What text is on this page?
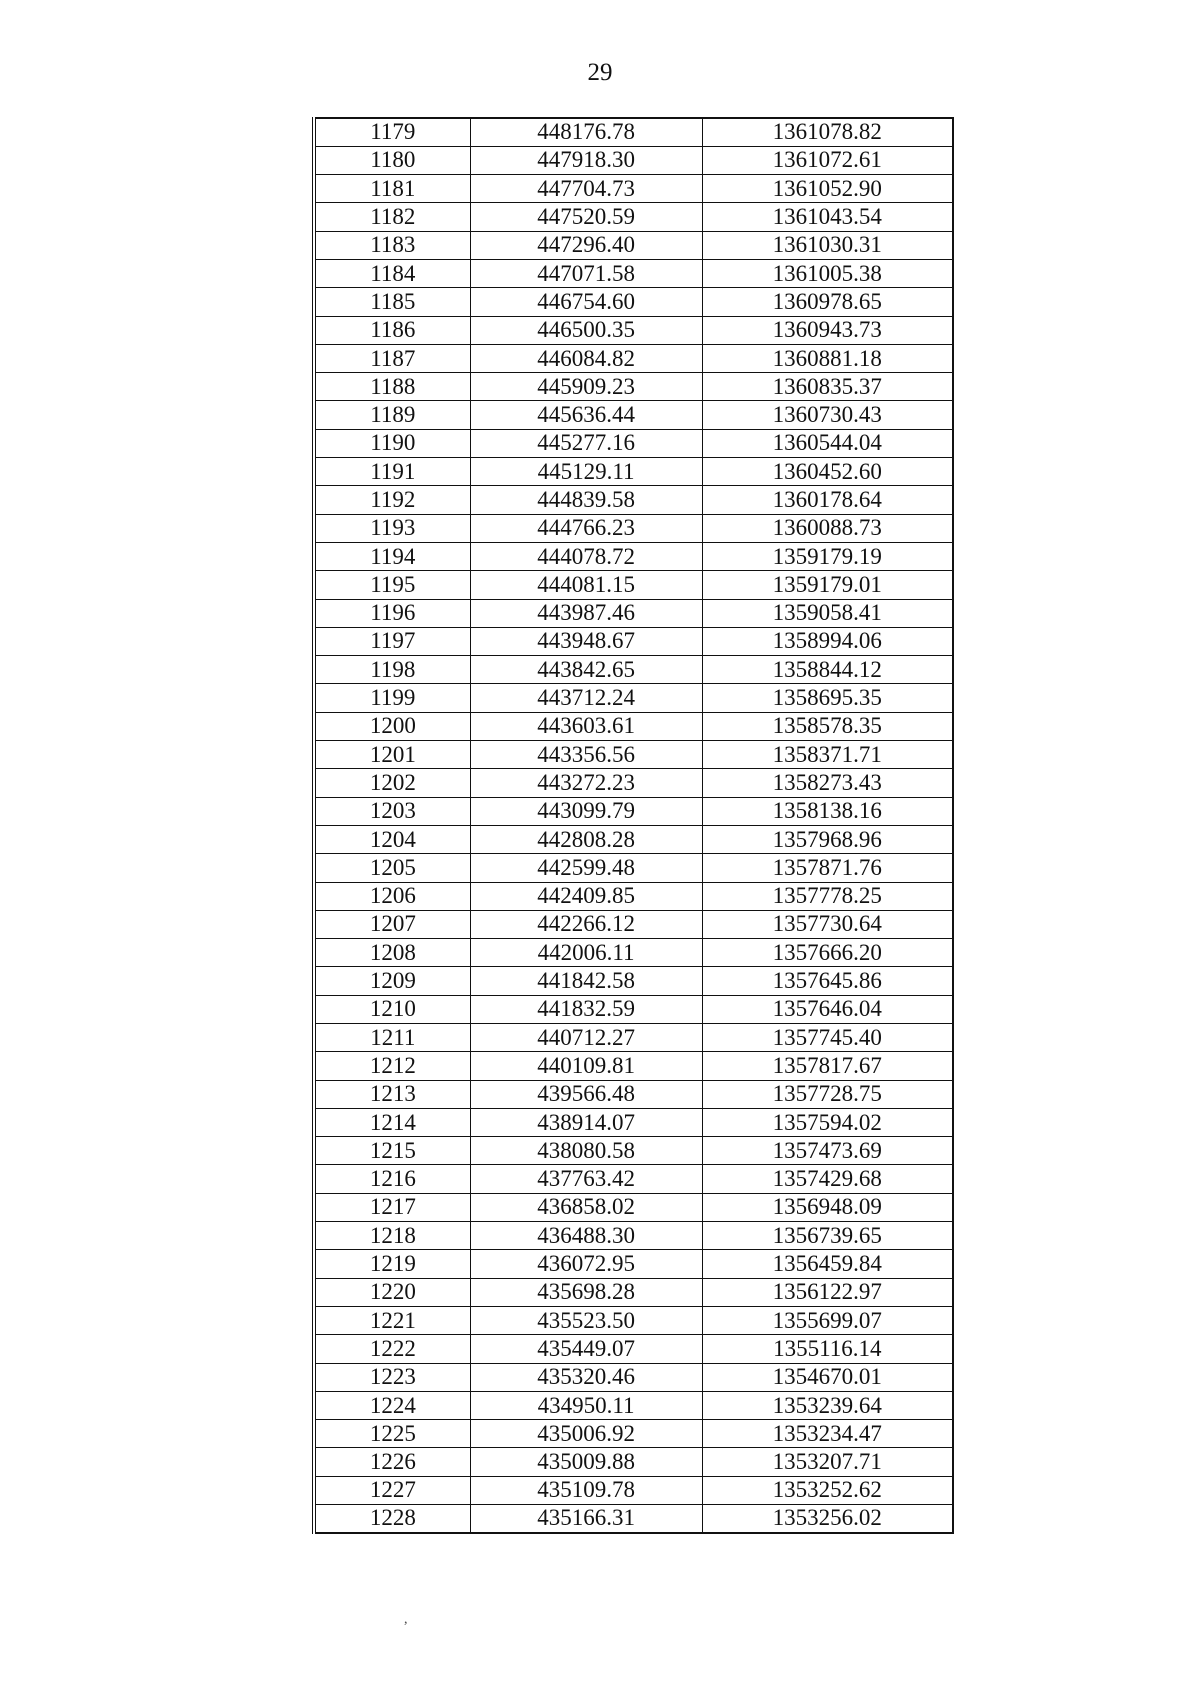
29
1179	448176.78	1361078.82
1180	447918.30	1361072.61
1181	447704.73	1361052.90
1182	447520.59	1361043.54
1183	447296.40	1361030.31
1184	447071.58	1361005.38
1185	446754.60	1360978.65
1186	446500.35	1360943.73
1187	446084.82	1360881.18
1188	445909.23	1360835.37
1189	445636.44	1360730.43
1190	445277.16	1360544.04
1191	445129.11	1360452.60
1192	444839.58	1360178.64
1193	444766.23	1360088.73
1194	444078.72	1359179.19
1195	444081.15	1359179.01
1196	443987.46	1359058.41
1197	443948.67	1358994.06
1198	443842.65	1358844.12
1199	443712.24	1358695.35
1200	443603.61	1358578.35
1201	443356.56	1358371.71
1202	443272.23	1358273.43
1203	443099.79	1358138.16
1204	442808.28	1357968.96
1205	442599.48	1357871.76
1206	442409.85	1357778.25
1207	442266.12	1357730.64
1208	442006.11	1357666.20
1209	441842.58	1357645.86
1210	441832.59	1357646.04
1211	440712.27	1357745.40
1212	440109.81	1357817.67
1213	439566.48	1357728.75
1214	438914.07	1357594.02
1215	438080.58	1357473.69
1216	437763.42	1357429.68
1217	436858.02	1356948.09
1218	436488.30	1356739.65
1219	436072.95	1356459.84
1220	435698.28	1356122.97
1221	435523.50	1355699.07
1222	435449.07	1355116.14
1223	435320.46	1354670.01
1224	434950.11	1353239.64
1225	435006.92	1353234.47
1226	435009.88	1353207.71
1227	435109.78	1353252.62
1228	435166.31	1353256.02
,
